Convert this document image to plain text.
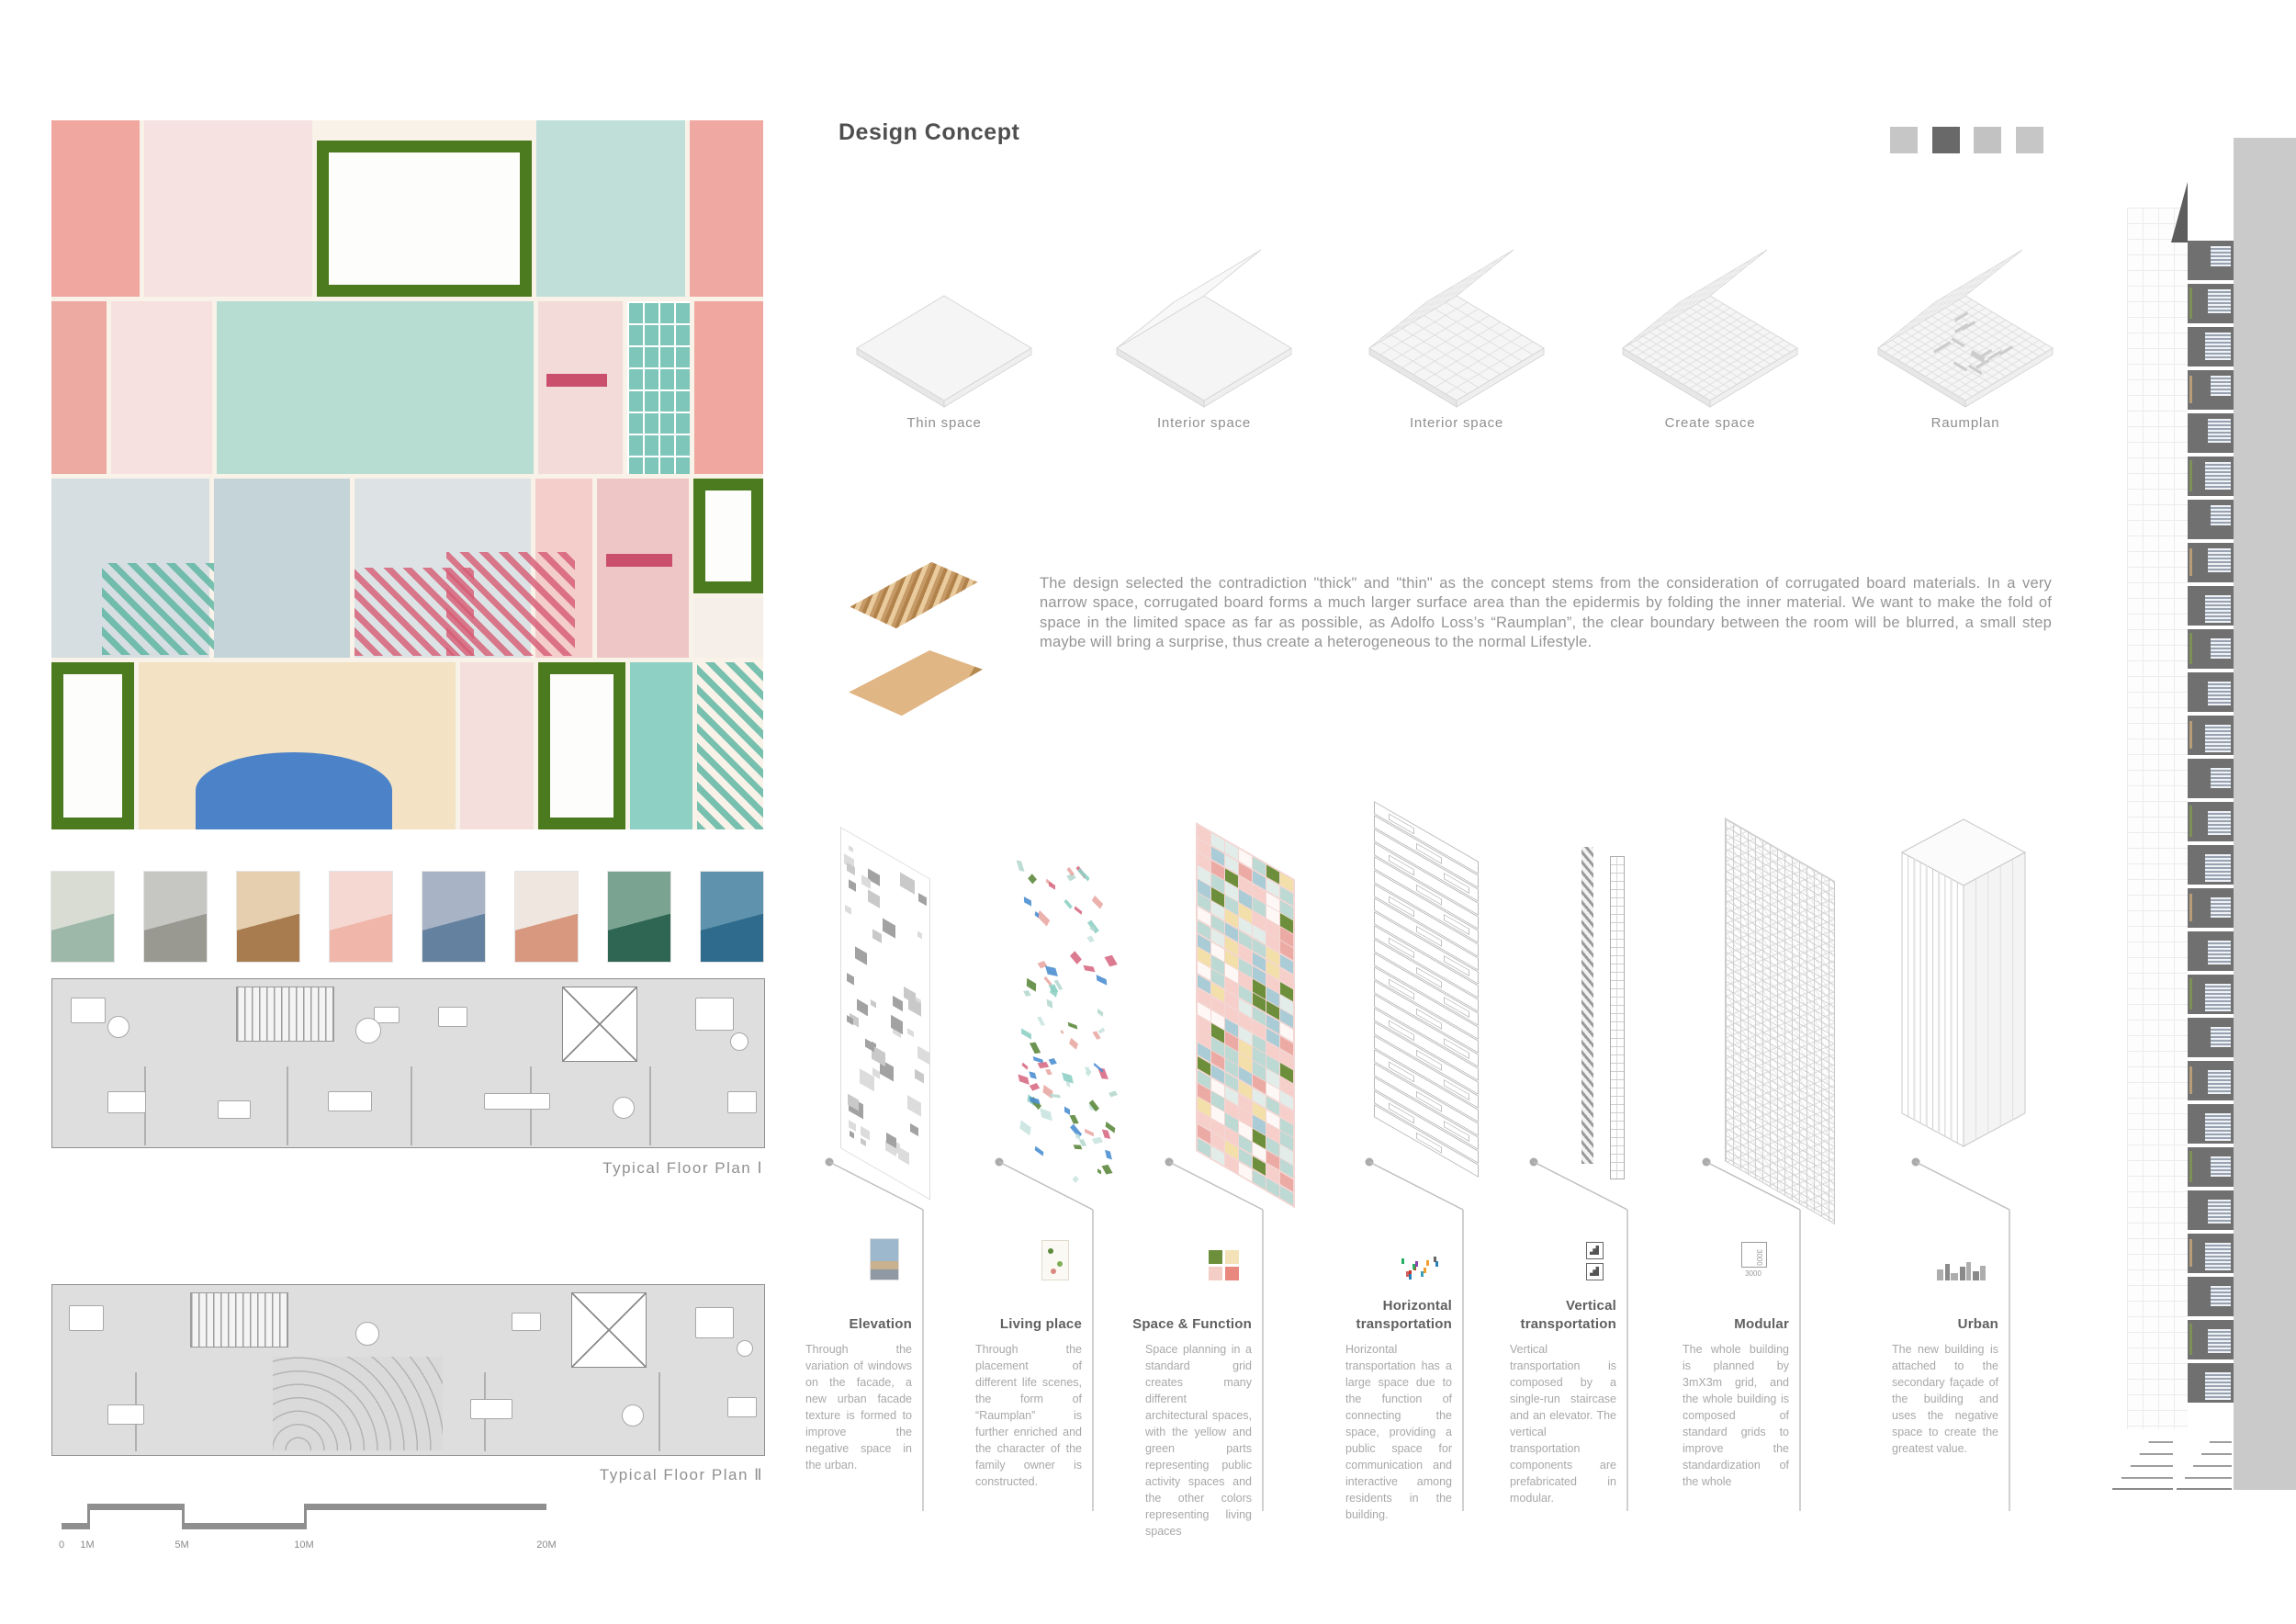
Typical Floor Plan Ⅰ
Typical Floor Plan Ⅱ
0 1M	5M	10M	20M
Design Concept

The design selected the contradiction "thick" and "thin" as the concept stems from the consideration of corrugated board materials. In a very narrow space, corrugated board forms a much larger surface area than the epidermis by folding the inner material. We want to make the fold of space in the limited space as far as possible, as Adolfo Loss’s “Raumplan”, the clear boundary between the room will be blurred, a small step maybe will bring a surprise, thus create a heterogeneous to the normal Lifestyle.

Elevation
Through the variation of windows on the facade, a new urban facade texture is formed to improve the negative space in the urban.
Living place
Through the placement of different life scenes, the form of “Raumplan” is further enriched and the character of the family owner is constructed.
Space & Function
Space planning in a standard grid creates many different architectural spaces, with the yellow and green parts representing public activity spaces and the other colors representing living spaces
Horizontal transportation
Horizontal transportation has a large space due to the function of connecting the space, providing a public space for communication and interactive among residents in the building.
Vertical transportation
Vertical transportation is composed by a single-run staircase and an elevator. The vertical transportation components are prefabricated in modular.
3000
3000
Modular
The whole building is planned by 3mX3m grid, and the whole building is composed of standard grids to improve the standardization of the whole
Urban
The new building is attached to the secondary façade of the building and uses the negative space to create the greatest value.
Thin space	Interior space	Interior space	Create space	Raumplan
